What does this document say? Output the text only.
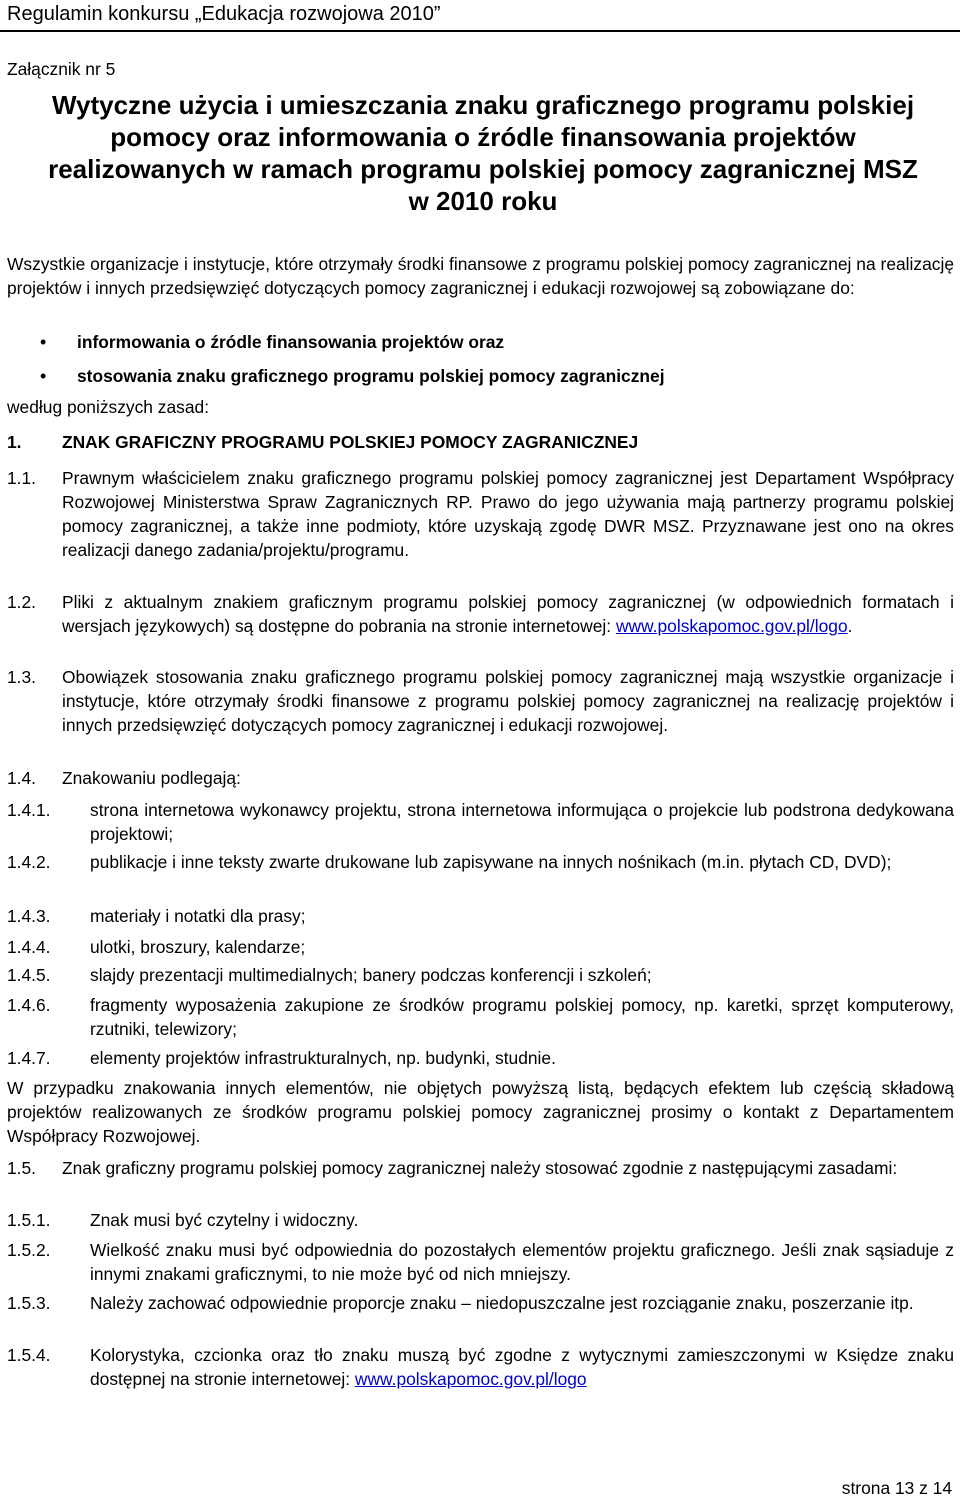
Regulamin konkursu „Edukacja rozwojowa 2010”
Załącznik nr 5
Wytyczne użycia i umieszczania znaku graficznego programu polskiej
pomocy oraz informowania o źródle finansowania projektów
realizowanych w ramach programu polskiej pomocy zagranicznej MSZ
w 2010 roku
Wszystkie organizacje i instytucje, które otrzymały środki finansowe z programu polskiej pomocy zagranicznej na realizację projektów i innych przedsięwzięć dotyczących pomocy zagranicznej i edukacji rozwojowej są zobowiązane do:
• informowania o źródle finansowania projektów oraz
• stosowania znaku graficznego programu polskiej pomocy zagranicznej
według poniższych zasad:
1. ZNAK GRAFICZNY PROGRAMU POLSKIEJ POMOCY ZAGRANICZNEJ
1.1. Prawnym właścicielem znaku graficznego programu polskiej pomocy zagranicznej jest Departament Współpracy Rozwojowej Ministerstwa Spraw Zagranicznych RP. Prawo do jego używania mają partnerzy programu polskiej pomocy zagranicznej, a także inne podmioty, które uzyskają zgodę DWR MSZ. Przyznawane jest ono na okres realizacji danego zadania/projektu/programu.
1.2. Pliki z aktualnym znakiem graficznym programu polskiej pomocy zagranicznej (w odpowiednich formatach i wersjach językowych) są dostępne do pobrania na stronie internetowej: www.polskapomoc.gov.pl/logo.
1.3. Obowiązek stosowania znaku graficznego programu polskiej pomocy zagranicznej mają wszystkie organizacje i instytucje, które otrzymały środki finansowe z programu polskiej pomocy zagranicznej na realizację projektów i innych przedsięwzięć dotyczących pomocy zagranicznej i edukacji rozwojowej.
1.4. Znakowaniu podlegają:
1.4.1. strona internetowa wykonawcy projektu, strona internetowa informująca o projekcie lub podstrona dedykowana projektowi;
1.4.2. publikacje i inne teksty zwarte drukowane lub zapisywane na innych nośnikach (m.in. płytach CD, DVD);
1.4.3. materiały i notatki dla prasy;
1.4.4. ulotki, broszury, kalendarze;
1.4.5. slajdy prezentacji multimedialnych; banery podczas konferencji i szkoleń;
1.4.6. fragmenty wyposażenia zakupione ze środków programu polskiej pomocy, np. karetki, sprzęt komputerowy, rzutniki, telewizory;
1.4.7. elementy projektów infrastrukturalnych, np. budynki, studnie.
W przypadku znakowania innych elementów, nie objętych powyższą listą, będących efektem lub częścią składową projektów realizowanych ze środków programu polskiej pomocy zagranicznej prosimy o kontakt z Departamentem Współpracy Rozwojowej.
1.5. Znak graficzny programu polskiej pomocy zagranicznej należy stosować zgodnie z następującymi zasadami:
1.5.1. Znak musi być czytelny i widoczny.
1.5.2. Wielkość znaku musi być odpowiednia do pozostałych elementów projektu graficznego. Jeśli znak sąsiaduje z innymi znakami graficznymi, to nie może być od nich mniejszy.
1.5.3. Należy zachować odpowiednie proporcje znaku – niedopuszczalne jest rozciąganie znaku, poszerzanie itp.
1.5.4. Kolorystyka, czcionka oraz tło znaku muszą być zgodne z wytycznymi zamieszczonymi w Księdze znaku dostępnej na stronie internetowej: www.polskapomoc.gov.pl/logo
strona 13 z 14
